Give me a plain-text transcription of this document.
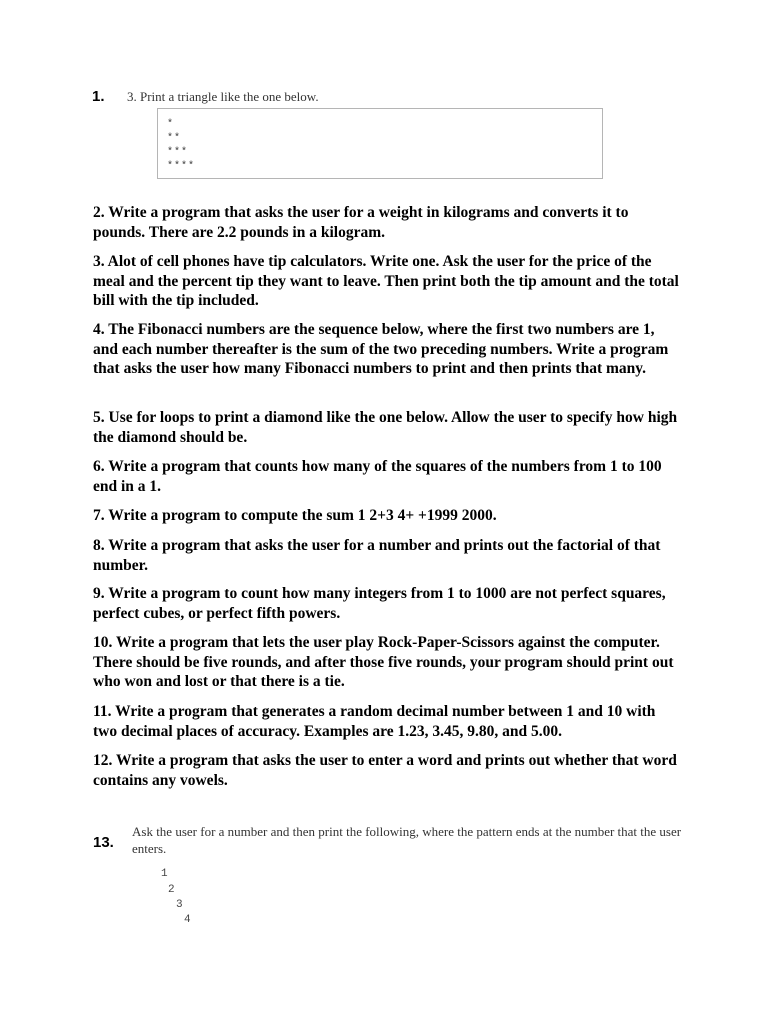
1. 3. Print a triangle like the one below.
*
**
***
****
2. Write a program that asks the user for a weight in kilograms and converts it to pounds. There are 2.2 pounds in a kilogram.
3. Alot of cell phones have tip calculators. Write one. Ask the user for the price of the meal and the percent tip they want to leave. Then print both the tip amount and the total bill with the tip included.
4. The Fibonacci numbers are the sequence below, where the first two numbers are 1, and each number thereafter is the sum of the two preceding numbers. Write a program that asks the user how many Fibonacci numbers to print and then prints that many.
5. Use for loops to print a diamond like the one below. Allow the user to specify how high the diamond should be.
6. Write a program that counts how many of the squares of the numbers from 1 to 100 end in a 1.
7. Write a program to compute the sum 1 2+3 4+ +1999 2000.
8. Write a program that asks the user for a number and prints out the factorial of that number.
9. Write a program to count how many integers from 1 to 1000 are not perfect squares, perfect cubes, or perfect fifth powers.
10. Write a program that lets the user play Rock-Paper-Scissors against the computer. There should be five rounds, and after those five rounds, your program should print out who won and lost or that there is a tie.
11. Write a program that generates a random decimal number between 1 and 10 with two decimal places of accuracy. Examples are 1.23, 3.45, 9.80, and 5.00.
12. Write a program that asks the user to enter a word and prints out whether that word contains any vowels.
13.
Ask the user for a number and then print the following, where the pattern ends at the number that the user enters.
1
2
3
4
